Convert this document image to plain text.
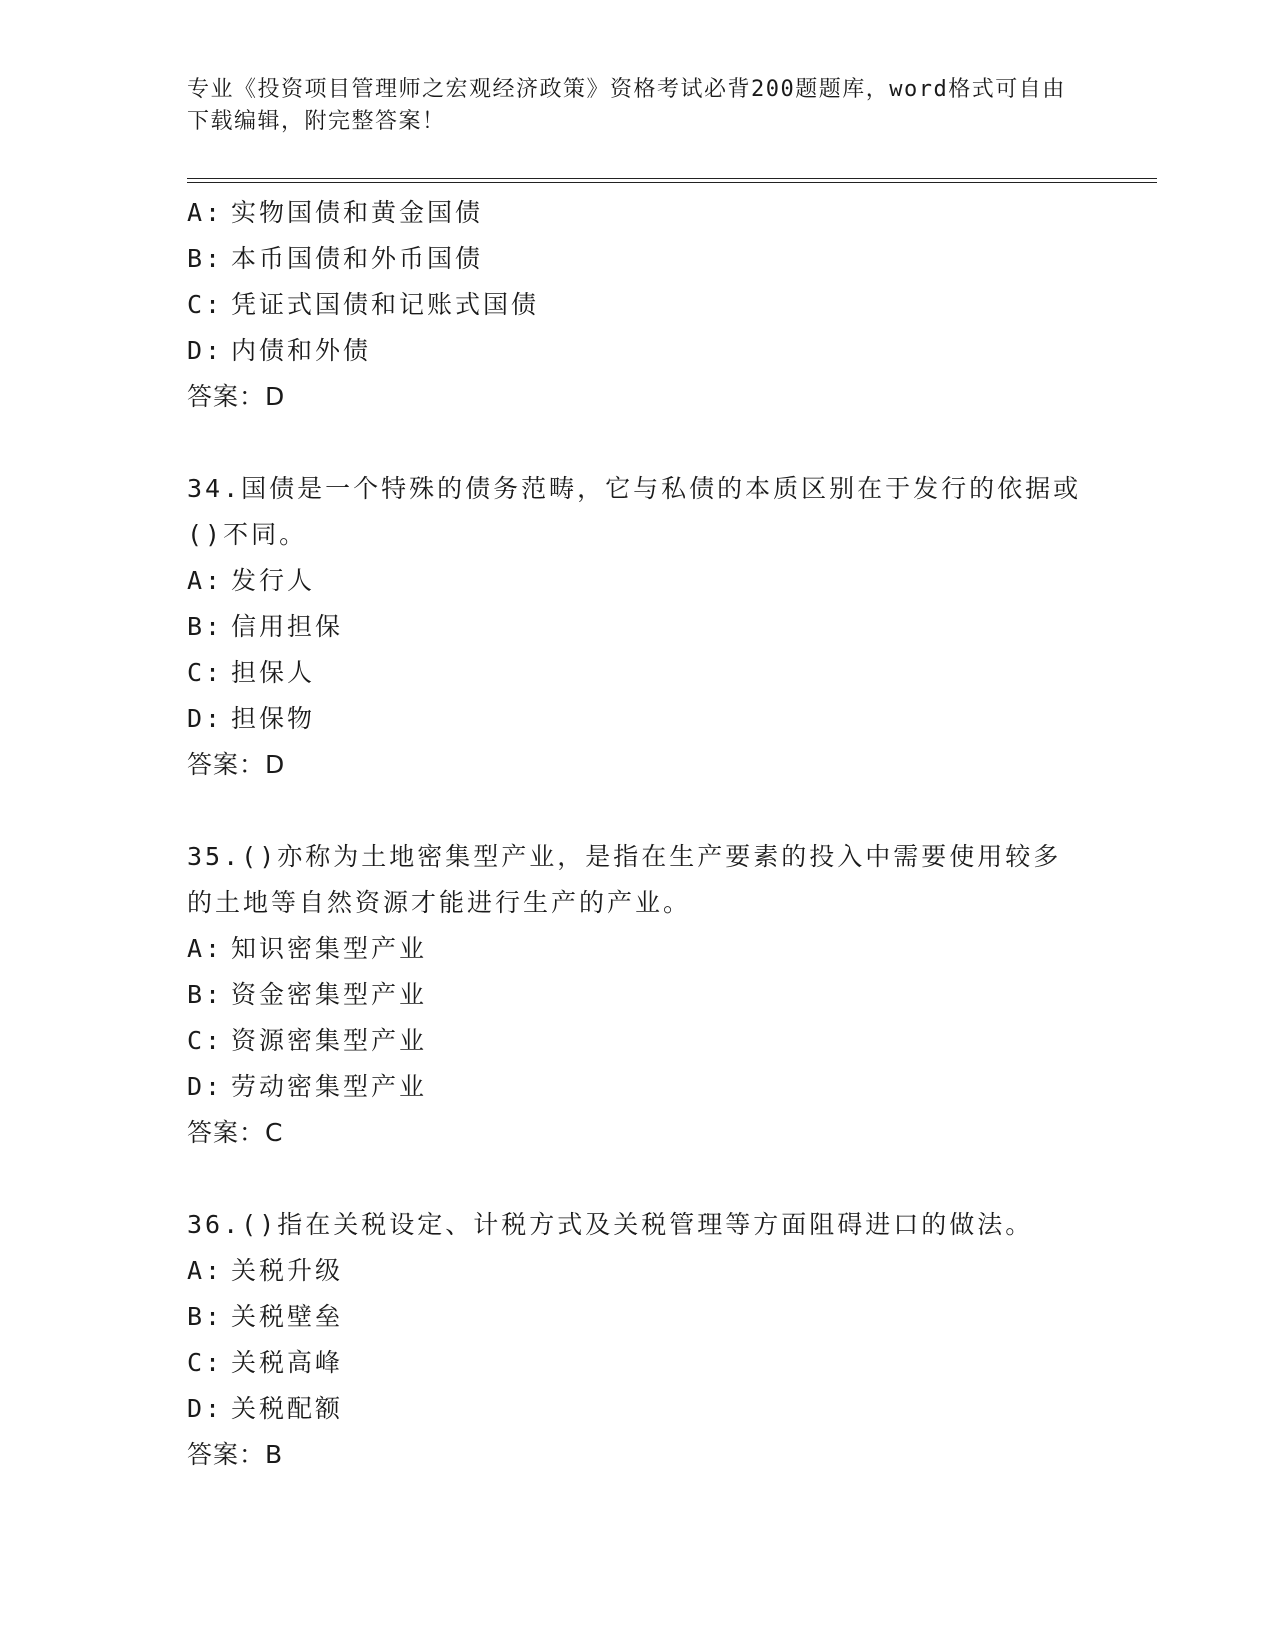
专业《投资项目管理师之宏观经济政策》资格考试必背200题题库，word格式可自由下载编辑，附完整答案！
A: 实物国债和黄金国债
B: 本币国债和外币国债
C: 凭证式国债和记账式国债
D: 内债和外债
答案：D
34.国债是一个特殊的债务范畴，它与私债的本质区别在于发行的依据或()不同。
A: 发行人
B: 信用担保
C: 担保人
D: 担保物
答案：D
35.()亦称为土地密集型产业，是指在生产要素的投入中需要使用较多的土地等自然资源才能进行生产的产业。
A: 知识密集型产业
B: 资金密集型产业
C: 资源密集型产业
D: 劳动密集型产业
答案：C
36.()指在关税设定、计税方式及关税管理等方面阻碍进口的做法。
A: 关税升级
B: 关税壁垒
C: 关税高峰
D: 关税配额
答案：B
